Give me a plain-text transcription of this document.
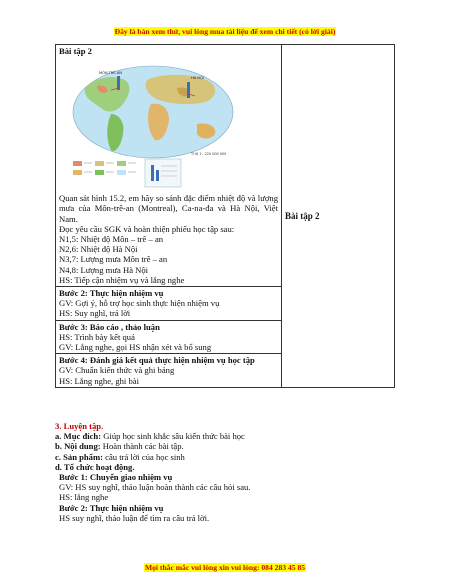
Đây là bản xem thử, vui lòng mua tài liệu để xem chi tiết (có lời giải)
Bài tập 2
MÔN-TRÊ-AN
HÀ NỘI
Tỉ lệ 1 : 220 000 000
Quan sát hình 15.2, em hãy so sánh đặc điểm nhiệt độ và lượng mưa của Môn-trê-an (Montreal), Ca-na-đa và Hà Nội, Việt Nam.
Đọc yêu cầu SGK và hoàn thiện phiếu học tập sau:
N1,5: Nhiệt độ Môn – trê – an
N2,6: Nhiệt độ Hà Nội
N3,7: Lượng mưa Môn trê – an
N4,8: Lượng mưa Hà Nội
HS: Tiếp cận nhiệm vụ và lắng nghe
	Bài tập 2

Bước 2: Thực hiện nhiệm vụ
GV: Gợi ý, hỗ trợ học sinh thực hiện nhiệm vụ
HS: Suy nghĩ, trả lời

Bước 3: Báo cáo , thảo luận
HS: Trình bày kết quả
GV: Lắng nghe, gọi HS nhận xét và bổ sung

Bước 4: Đánh giá kết quả thực hiện nhiệm vụ học tập
GV: Chuẩn kiến thức và ghi bảng
HS: Lắng nghe, ghi bài
3. Luyện tập.
a. Mục đích: Giúp học sinh khắc sâu kiến thức bài học
b. Nội dung: Hoàn thành các bài tập.
c. Sản phẩm: câu trả lời của học sinh
d. Tổ chức hoạt động.
Bước 1: Chuyển giao nhiệm vụ
GV: HS suy nghĩ, thảo luận hoàn thành các câu hỏi sau.
HS: lắng nghe
Bước 2: Thực hiện nhiệm vụ
HS suy nghĩ, thảo luận để tìm ra câu trả lời.
Mọi thắc mắc vui lòng xin vui lòng: 084 283 45 85
